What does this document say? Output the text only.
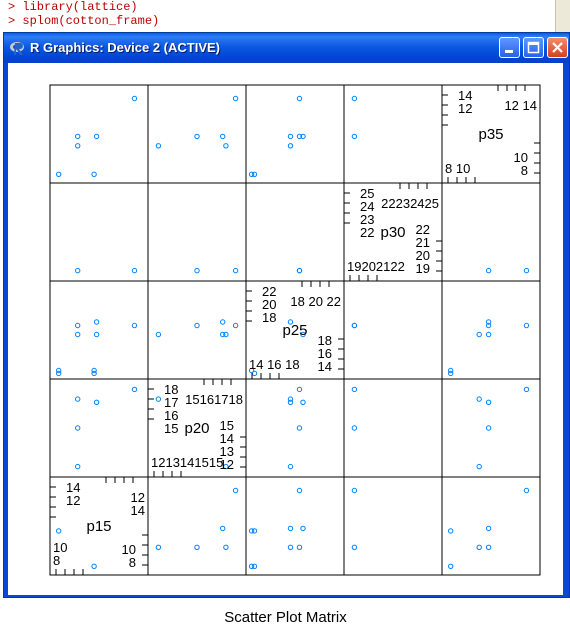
> library(lattice)
> splom(cotton_frame)
R Graphics: Device 2 (ACTIVE)
p15
14
12	12
14
8
10	10
8
p20
18
17
16
15
15161718
1213141515
15
14
13
12
p25
22
20
18
18 20 22
14 16 18
18
16
14
p30
25
24
23
22
22232425
19202122
22
21
20
19
p35
14
12 12 14
8 10
10
8
Scatter Plot Matrix
